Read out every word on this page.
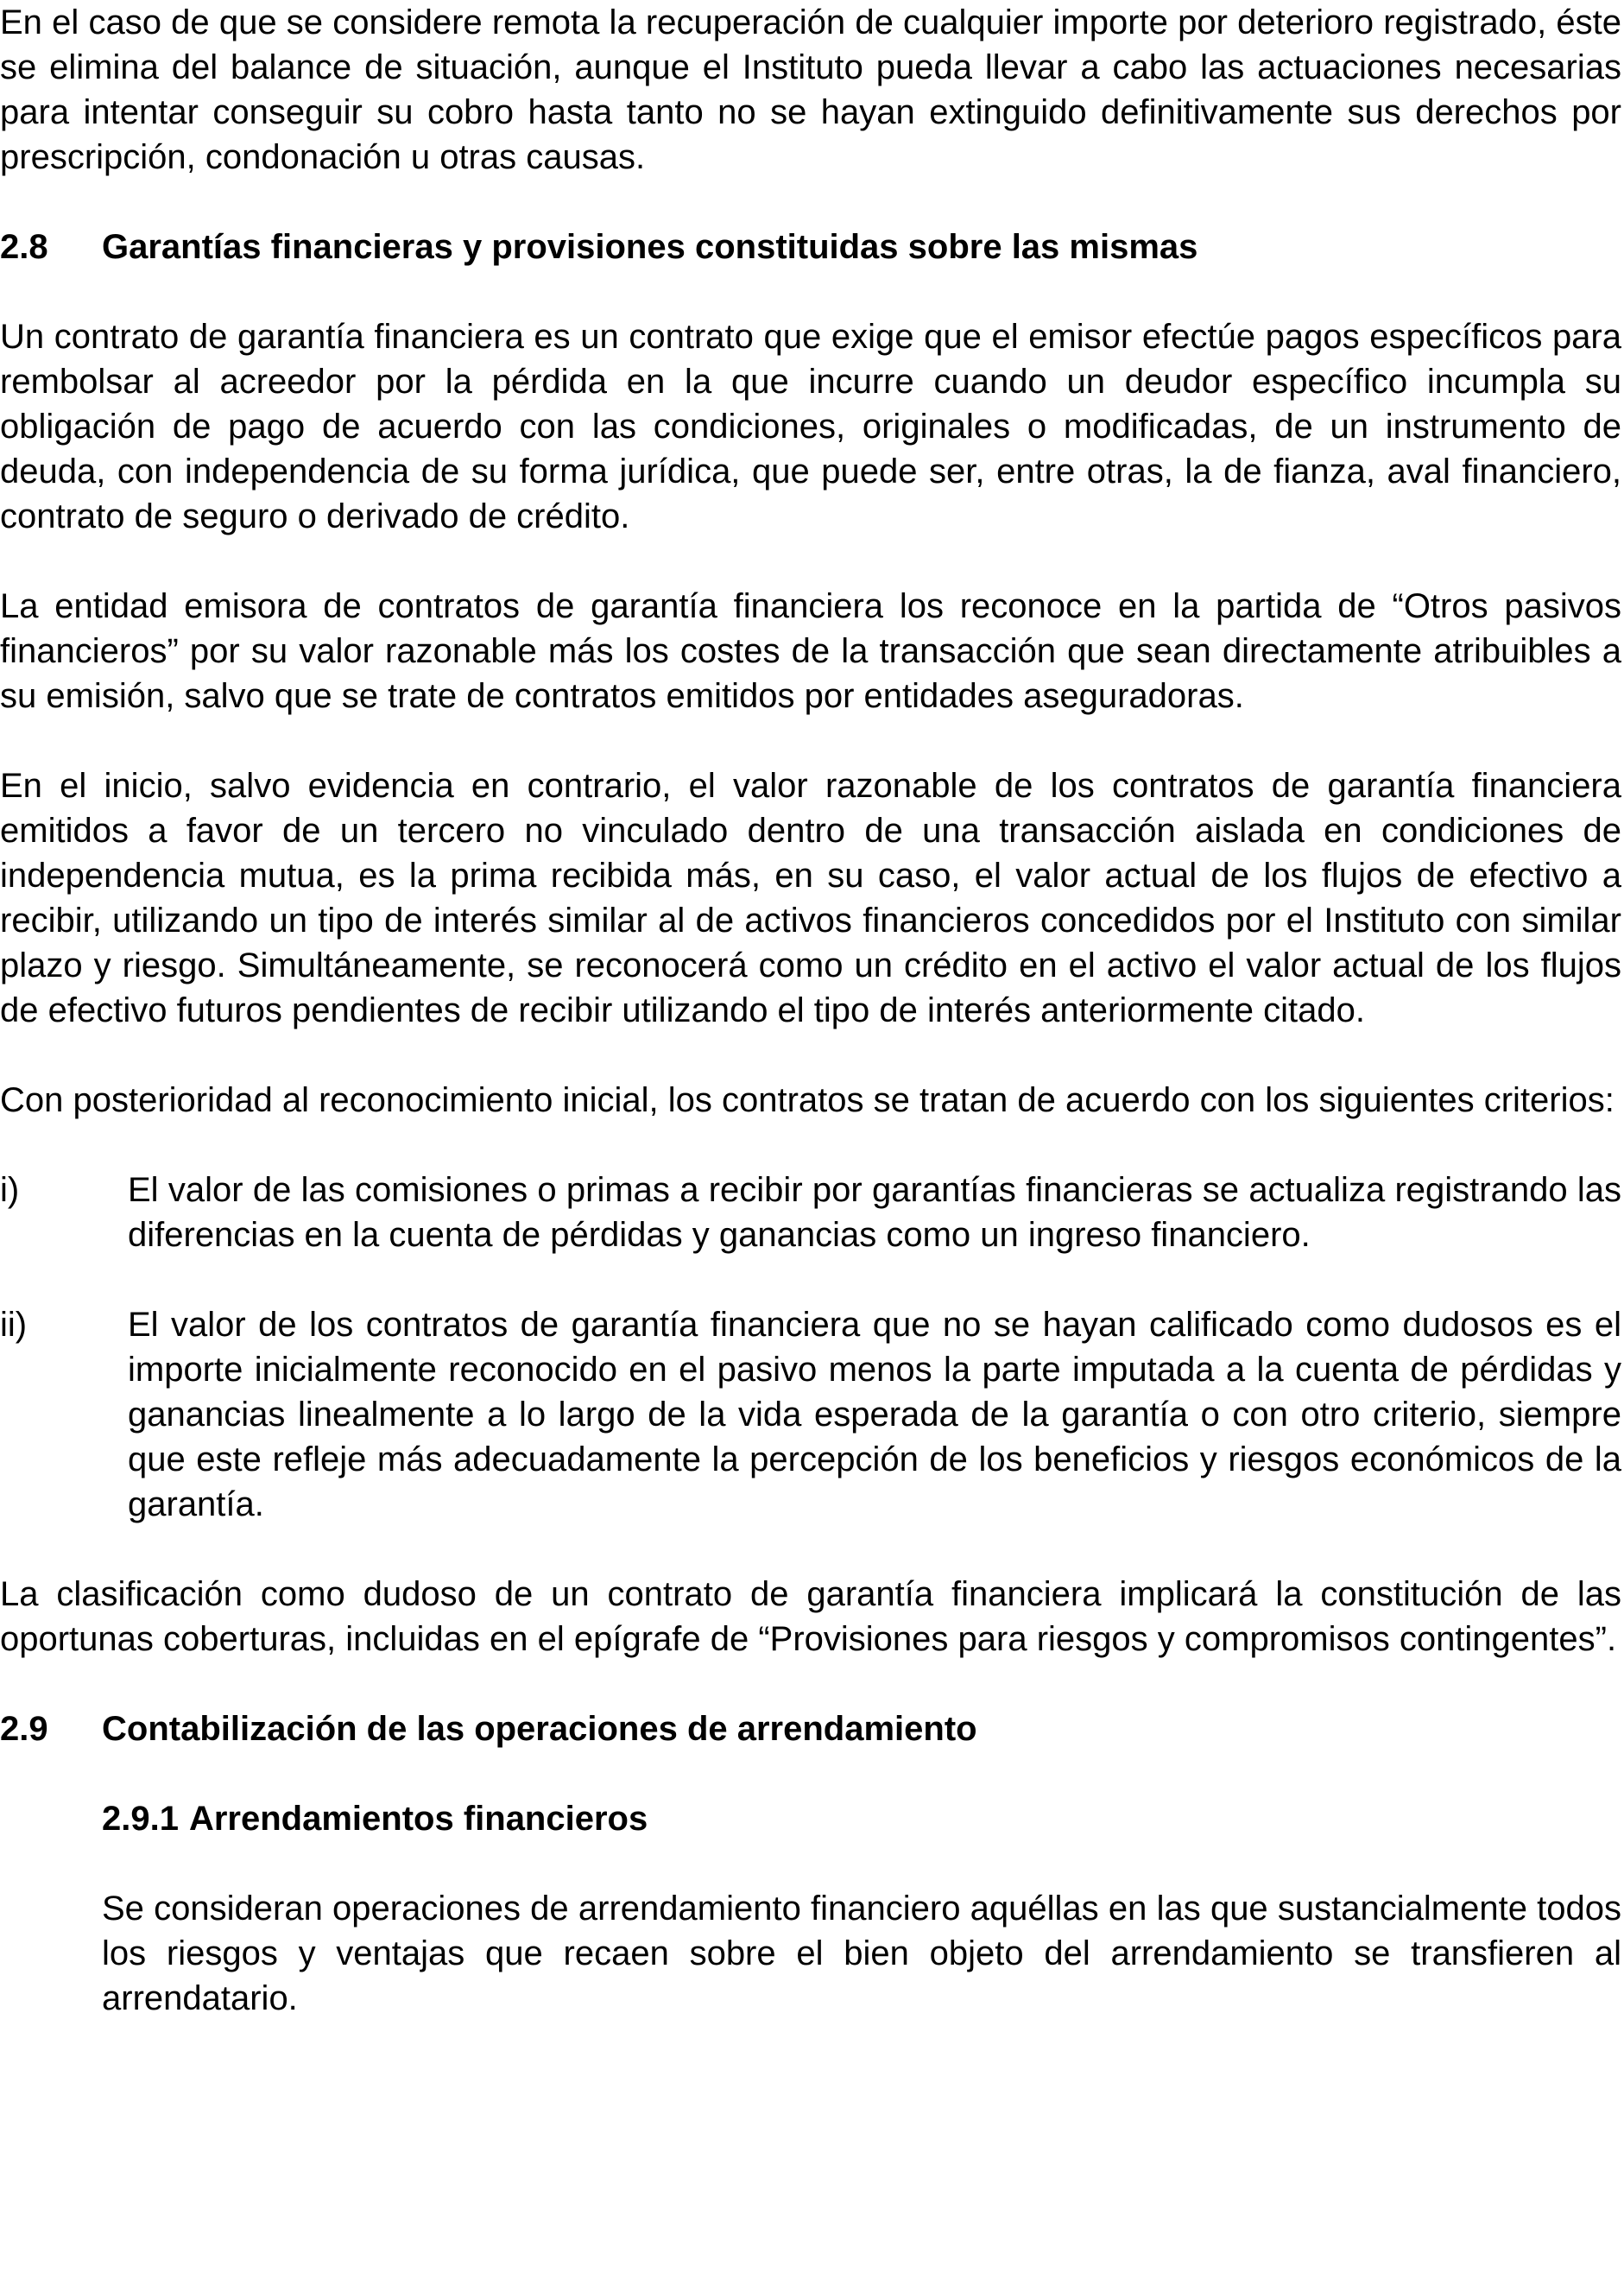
En el caso de que se considere remota la recuperación de cualquier importe por deterioro registrado, éste se elimina del balance de situación, aunque el Instituto pueda llevar a cabo las actuaciones necesarias para intentar conseguir su cobro hasta tanto no se hayan extinguido definitivamente sus derechos por prescripción, condonación u otras causas.

2.8	Garantías financieras y provisiones constituidas sobre las mismas

Un contrato de garantía financiera es un contrato que exige que el emisor efectúe pagos específicos para rembolsar al acreedor por la pérdida en la que incurre cuando un deudor específico incumpla su obligación de pago de acuerdo con las condiciones, originales o modificadas, de un instrumento de deuda, con independencia de su forma jurídica, que puede ser, entre otras, la de fianza, aval financiero, contrato de seguro o derivado de crédito.

La entidad emisora de contratos de garantía financiera los reconoce en la partida de “Otros pasivos financieros” por su valor razonable más los costes de la transacción que sean directamente atribuibles a su emisión, salvo que se trate de contratos emitidos por entidades aseguradoras.

En el inicio, salvo evidencia en contrario, el valor razonable de los contratos de garantía financiera emitidos a favor de un tercero no vinculado dentro de una transacción aislada en condiciones de independencia mutua, es la prima recibida más, en su caso, el valor actual de los flujos de efectivo a recibir, utilizando un tipo de interés similar al de activos financieros concedidos por el Instituto con similar plazo y riesgo. Simultáneamente, se reconocerá como un crédito en el activo el valor actual de los flujos de efectivo futuros pendientes de recibir utilizando el tipo de interés anteriormente citado.

Con posterioridad al reconocimiento inicial, los contratos se tratan de acuerdo con los siguientes criterios:

i)	El valor de las comisiones o primas a recibir por garantías financieras se actualiza registrando las diferencias en la cuenta de pérdidas y ganancias como un ingreso financiero.

ii)	El valor de los contratos de garantía financiera que no se hayan calificado como dudosos es el importe inicialmente reconocido en el pasivo menos la parte imputada a la cuenta de pérdidas y ganancias linealmente a lo largo de la vida esperada de la garantía o con otro criterio, siempre que este refleje más adecuadamente la percepción de los beneficios y riesgos económicos de la garantía.

La clasificación como dudoso de un contrato de garantía financiera implicará la constitución de las oportunas coberturas, incluidas en el epígrafe de “Provisiones para riesgos y compromisos contingentes”.

2.9	Contabilización de las operaciones de arrendamiento
2.9.1 Arrendamientos financieros

Se consideran operaciones de arrendamiento financiero aquéllas en las que sustancialmente todos los riesgos y ventajas que recaen sobre el bien objeto del arrendamiento se transfieren al arrendatario.
